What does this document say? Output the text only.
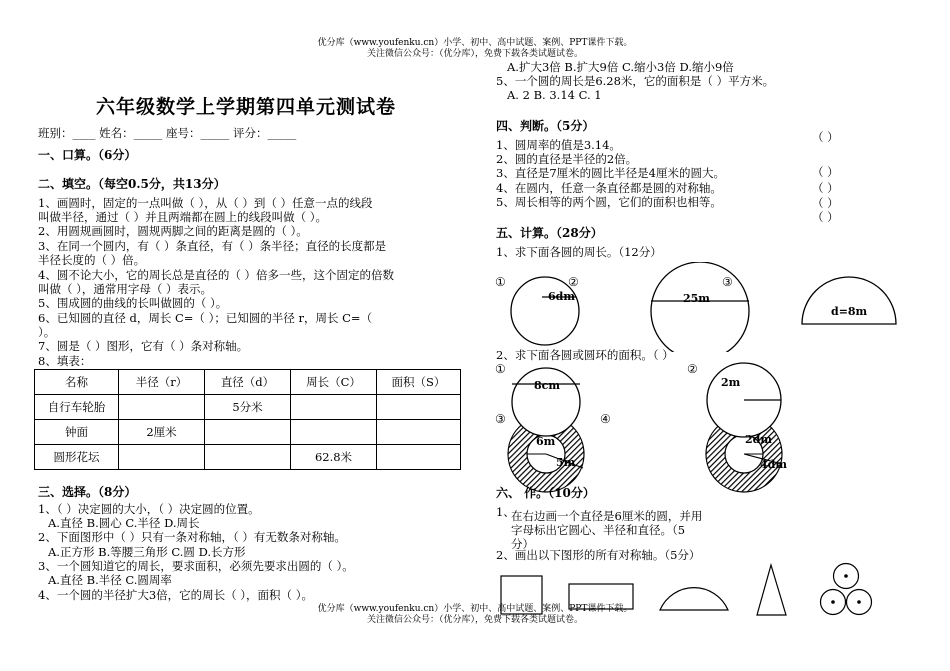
优分库（www.youfenku.cn）小学、初中、高中试题、案例、PPT课件下载。
关注微信公众号：（优分库），免费下载各类试题试卷。
六年级数学上学期第四单元测试卷
班别：____ 姓名：_____ 座号：_____ 评分：_____
一、口算。（6分）
二、填空。（每空0.5分，共13分）
1、画圆时，固定的一点叫做（ ），从（ ）到（ ）任意一点的线段
叫做半径，通过（ ）并且两端都在圆上的线段叫做（ ）。
2、用圆规画圆时，圆规两脚之间的距离是圆的（ ）。
3、在同一个圆内，有（ ）条直径，有（ ）条半径；直径的长度都是
半径长度的（ ）倍。
4、圆不论大小，它的周长总是直径的（ ）倍多一些，这个固定的倍数
叫做（ ），通常用字母（ ）表示。
5、围成圆的曲线的长叫做圆的（ ）。
6、已知圆的直径 d，周长 C=（ ）；已知圆的半径 r，周长 C=（
）。
7、圆是（ ）图形，它有（ ）条对称轴。
8、填表：
名称	半径（r）	直径（d）	周长（C）	面积（S）
自行车轮胎		5分米		
钟面	2厘米			
圆形花坛			62.8米	
三、选择。（8分）
1、（ ）决定圆的大小，（ ）决定圆的位置。
A.直径 B.圆心 C.半径 D.周长
2、下面图形中（ ）只有一条对称轴，（ ）有无数条对称轴。
A.正方形 B.等腰三角形 C.圆 D.长方形
3、一个圆知道它的周长，要求面积，必须先要求出圆的（ ）。
A.直径 B.半径 C.圆周率
4、一个圆的半径扩大3倍，它的周长（ ），面积（ ）。
A.扩大3倍 B.扩大9倍 C.缩小3倍 D.缩小9倍
5、一个圆的周长是6.28米，它的面积是（ ）平方米。
A. 2 B. 3.14 C. 1
四、判断。（5分）
1、圆周率的值是3.14。
2、圆的直径是半径的2倍。
3、直径是7厘米的圆比半径是4厘米的圆大。
4、在圆内，任意一条直径都是圆的对称轴。
5、周长相等的两个圆，它们的面积也相等。
（ ）
（ ）
（ ）
（ ）
（ ）
五、计算。（28分）
1、求下面各圆的周长。（12分）
①	②	③
6dm	25m
d=8m
2、求下面各圆或圆环的面积。（ ）
①	②
③	④
8cm	2m
6m
5m
2dm
4dm
六、 作。（10分）
1、
在右边画一个直径是6厘米的圆，并用
字母标出它圆心、半径和直径。（5
分）
2、画出以下图形的所有对称轴。（5分）
优分库（www.youfenku.cn）小学、初中、高中试题、案例、PPT课件下载。
关注微信公众号：（优分库），免费下载各类试题试卷。
